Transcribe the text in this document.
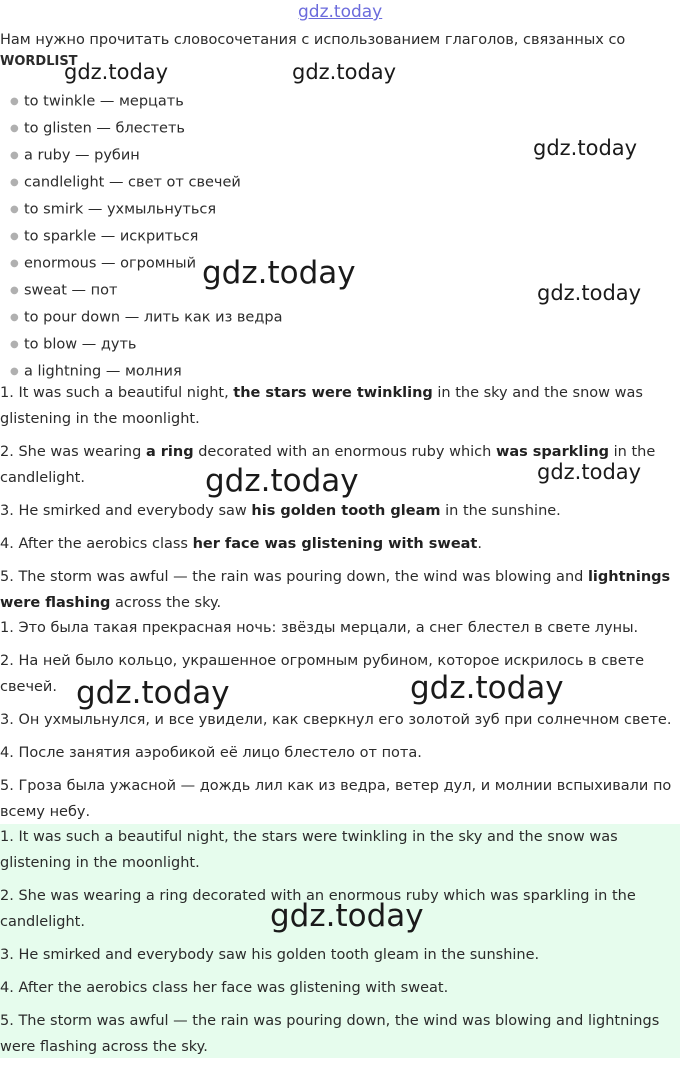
gdz.today
Нам нужно прочитать словосочетания с использованием глаголов, связанных со
WORDLIST
● to twinkle — мерцать
● to glisten — блестеть
● a ruby — рубин
● candlelight — свет от свечей
● to smirk — ухмыльнуться
● to sparkle — искриться
● enormous — огромный
● sweat — пот
● to pour down — лить как из ведра
● to blow — дуть
● a lightning — молния

1. It was such a beautiful night, the stars were twinkling in the sky and the snow was glistening in the moonlight.

2. She was wearing a ring decorated with an enormous ruby which was sparkling in the candlelight.

3. He smirked and everybody saw his golden tooth gleam in the sunshine.

4. After the aerobics class her face was glistening with sweat.

5. The storm was awful — the rain was pouring down, the wind was blowing and lightnings were flashing across the sky.

1. Это была такая прекрасная ночь: звёзды мерцали, а снег блестел в свете луны.

2. На ней было кольцо, украшенное огромным рубином, которое искрилось в свете свечей.

3. Он ухмыльнулся, и все увидели, как сверкнул его золотой зуб при солнечном свете.

4. После занятия аэробикой её лицо блестело от пота.

5. Гроза была ужасной — дождь лил как из ведра, ветер дул, и молнии вспыхивали по всему небу.

1. It was such a beautiful night, the stars were twinkling in the sky and the snow was glistening in the moonlight.

2. She was wearing a ring decorated with an enormous ruby which was sparkling in the candlelight.

3. He smirked and everybody saw his golden tooth gleam in the sunshine.

4. After the aerobics class her face was glistening with sweat.

5. The storm was awful — the rain was pouring down, the wind was blowing and lightnings were flashing across the sky.

gdz.today	gdz.today
gdz.today
gdz.today
gdz.today
gdz.today
gdz.today
gdz.today	gdz.today
gdz.today
